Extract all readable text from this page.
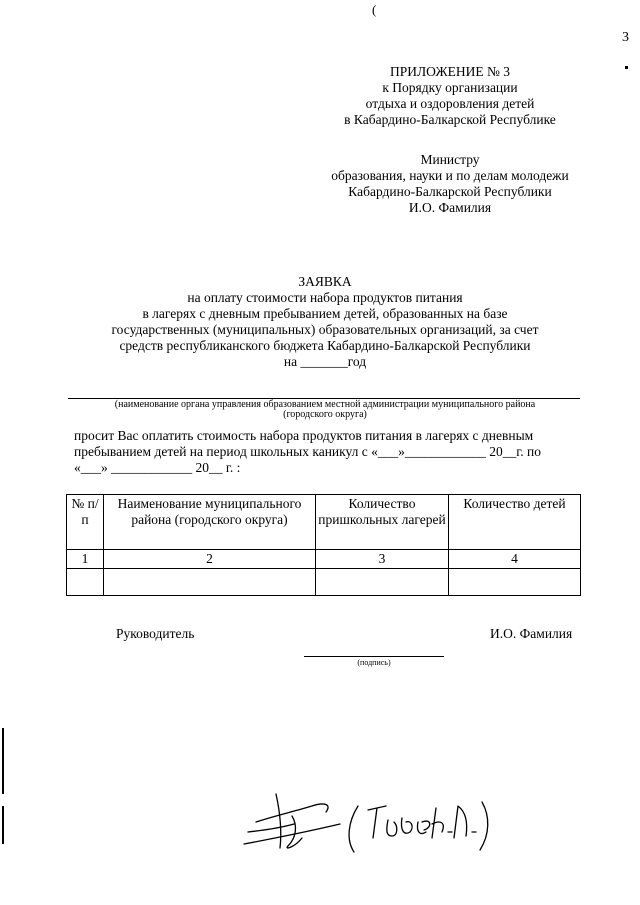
(
3
ПРИЛОЖЕНИЕ № 3
к Порядку организации
отдыха и оздоровления детей
в Кабардино-Балкарской Республике
Министру
образования, науки и по делам молодежи
Кабардино-Балкарской Республики
И.О. Фамилия
ЗАЯВКА
на оплату стоимости набора продуктов питания
в лагерях с дневным пребыванием детей, образованных на базе
государственных (муниципальных) образовательных организаций, за счет
средств республиканского бюджета Кабардино-Балкарской Республики
на _______год
(наименование органа управления образованием местной администрации муниципального района
(городского округа)
просит Вас оплатить стоимость набора продуктов питания в лагерях с дневным
пребыванием детей на период школьных каникул с «___»____________ 20__г. по
«___» ____________ 20__ г. :
№ п/п	Наименование муниципального района (городского округа)	Количество пришкольных лагерей	Количество детей
1	2	3	4

Руководитель	И.О. Фамилия
(подпись)
